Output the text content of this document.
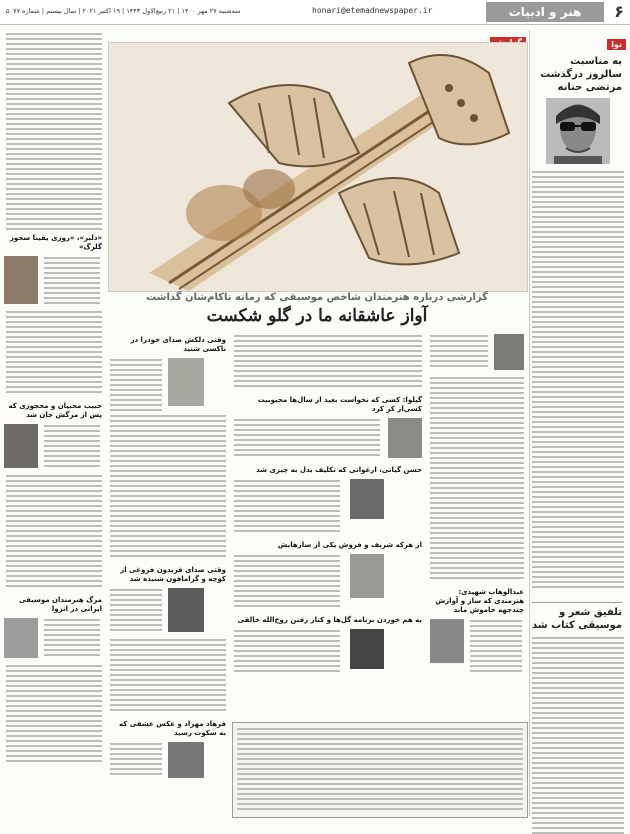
۶
هنر و ادبیات
honari@etemadnewspaper.ir
سه‌شنبه ۲۷ مهر ۱۴۰۰ | ۲۱ ربیع‌الاول ۱۴۴۳ | ۱۹ اکتبر ۲۰۲۱ | سال بیستم | شماره ۵۰۷۷
نوا
به مناسبت سالروز درگذشت مرتضی حنانه
تلفیق شعر و موسیقی کتاب شد
گزارشی درباره هنرمندان شاخص موسیقی که زمانه ناکام‌شان گذاشت
آواز عاشقانه ما در گلو شکست
«دلبر»، «روزی یقینا سحوز گلرگ»
حبیب محبیان و محجوزی که پس از مرگش جان شد
مرگ هنرمندان موسیقی ایرانی در انزوا
وقتی دلکش صدای خودرا در ناکسی شنید
وقتی صدای فریدون فروغی از کوچه و گرامافون شنیده شد
فرهاد مهراد و عکس عشقی که به سکوت رسید
گیلوا: کسی که نخواست بعید از سال‌ها محبوبیت کسی‌از کر کرد
حسن گیانی، ارغوانی که تکلیف بدل به چیزی شد
از هرکه شریف و فروش یکی از سازهایش
به هم خوردن برنامه گل‌ها و کنار رفتن روح‌الله خالقی
عبدالوهاب شهیدی: هنرمندی که ساز و آوازش چندجهه خاموش ماند
